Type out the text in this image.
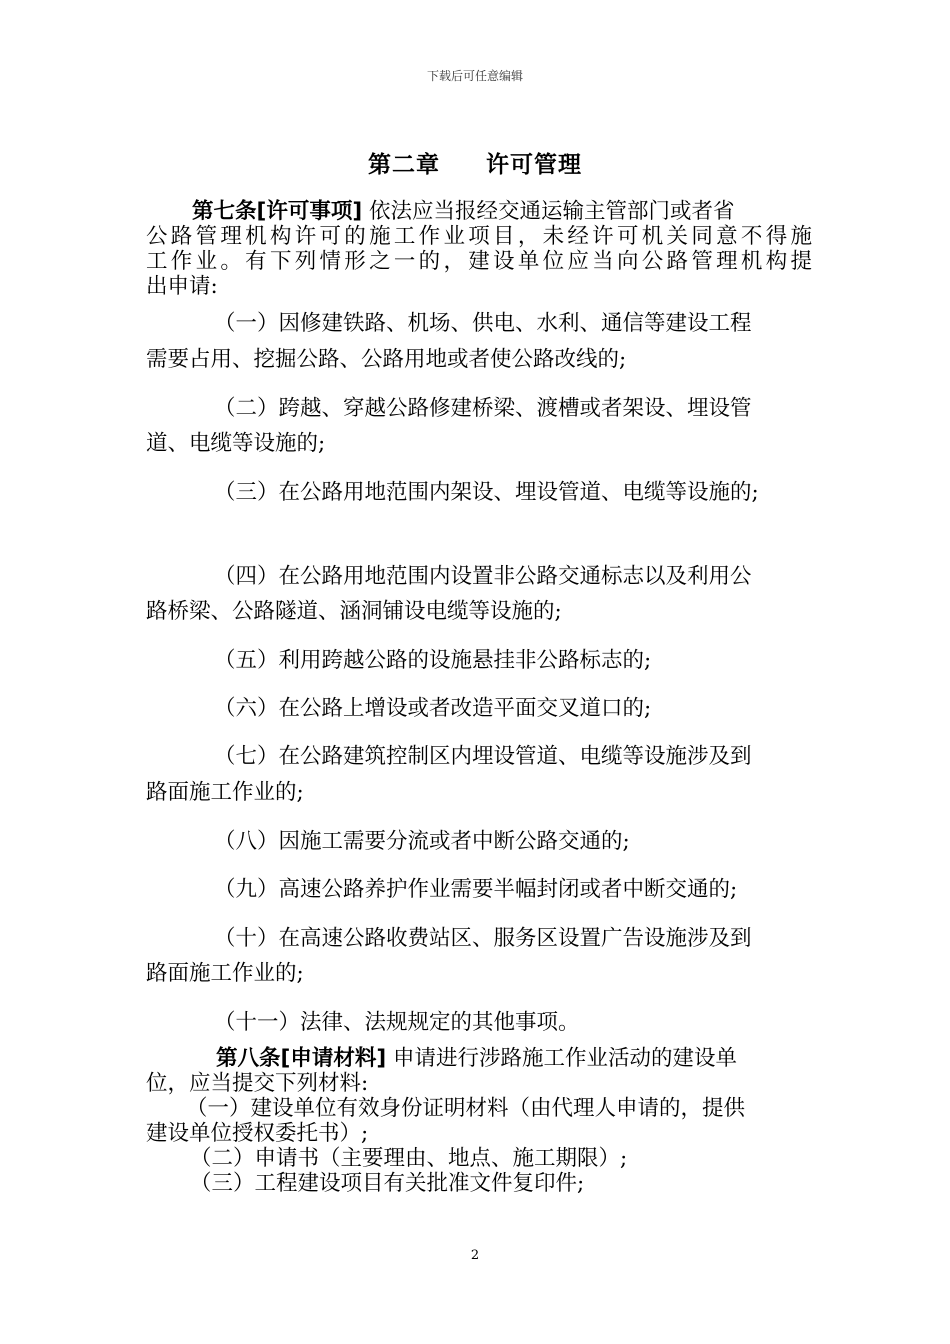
下载后可任意编辑
第二章 许可管理
第七条[许可事项] 依法应当报经交通运输主管部门或者省
公路管理机构许可的施工作业项目，未经许可机关同意不得施
工作业。有下列情形之一的，建设单位应当向公路管理机构提
出申请:
（一）因修建铁路、机场、供电、水利、通信等建设工程
需要占用、挖掘公路、公路用地或者使公路改线的;
（二）跨越、穿越公路修建桥梁、渡槽或者架设、埋设管
道、电缆等设施的;
（三）在公路用地范围内架设、埋设管道、电缆等设施的;
（四）在公路用地范围内设置非公路交通标志以及利用公
路桥梁、公路隧道、涵洞铺设电缆等设施的;
（五）利用跨越公路的设施悬挂非公路标志的;
（六）在公路上增设或者改造平面交叉道口的;
（七）在公路建筑控制区内埋设管道、电缆等设施涉及到
路面施工作业的;
（八）因施工需要分流或者中断公路交通的;
（九）高速公路养护作业需要半幅封闭或者中断交通的;
（十）在高速公路收费站区、服务区设置广告设施涉及到
路面施工作业的;
（十一）法律、法规规定的其他事项。
第八条[申请材料] 申请进行涉路施工作业活动的建设单
位，应当提交下列材料:
（一）建设单位有效身份证明材料（由代理人申请的，提供
建设单位授权委托书）;
（二）申请书（主要理由、地点、施工期限）;
（三）工程建设项目有关批准文件复印件;
2
